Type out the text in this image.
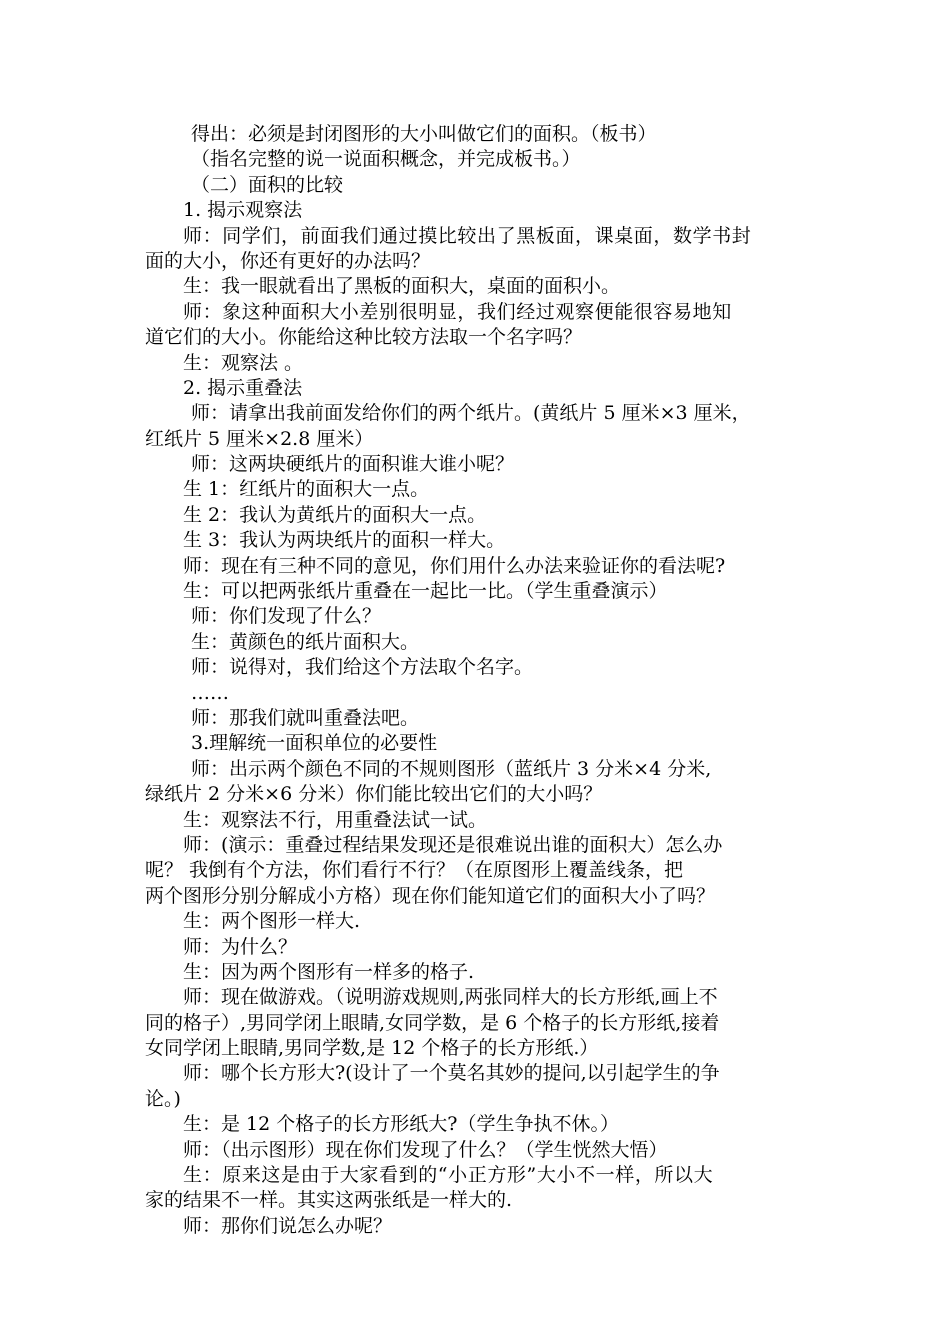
得出：必须是封闭图形的大小叫做它们的面积。（板书）
（指名完整的说一说面积概念，并完成板书。）
（二）面积的比较
1. 揭示观察法
师：同学们，前面我们通过摸比较出了黑板面，课桌面，数学书封
面的大小，你还有更好的办法吗？
生：我一眼就看出了黑板的面积大，桌面的面积小。
师：象这种面积大小差别很明显，我们经过观察便能很容易地知
道它们的大小。你能给这种比较方法取一个名字吗？
生：观察法 。
2. 揭示重叠法
师：请拿出我前面发给你们的两个纸片。(黄纸片 5 厘米×3 厘米，
红纸片 5 厘米×2.8 厘米）
师：这两块硬纸片的面积谁大谁小呢？
生 1：红纸片的面积大一点。
生 2：我认为黄纸片的面积大一点。
生 3：我认为两块纸片的面积一样大。
师：现在有三种不同的意见，你们用什么办法来验证你的看法呢?
生：可以把两张纸片重叠在一起比一比。（学生重叠演示）
师：你们发现了什么？
生：黄颜色的纸片面积大。
师：说得对，我们给这个方法取个名字。
……
师：那我们就叫重叠法吧。
3.理解统一面积单位的必要性
师：出示两个颜色不同的不规则图形（蓝纸片 3 分米×4 分米,
绿纸片 2 分米×6 分米）你们能比较出它们的大小吗？
生：观察法不行，用重叠法试一试。
师：(演示：重叠过程结果发现还是很难说出谁的面积大）怎么办
呢？ 我倒有个方法，你们看行不行？（在原图形上覆盖线条，把
两个图形分别分解成小方格）现在你们能知道它们的面积大小了吗？
生：两个图形一样大.
师：为什么？
生：因为两个图形有一样多的格子.
师：现在做游戏。（说明游戏规则,两张同样大的长方形纸,画上不
同的格子）,男同学闭上眼睛,女同学数，是 6 个格子的长方形纸,接着
女同学闭上眼睛,男同学数,是 12 个格子的长方形纸.）
师：哪个长方形大?(设计了一个莫名其妙的提问,以引起学生的争
论。)
生：是 12 个格子的长方形纸大?（学生争执不休。）
师：（出示图形）现在你们发现了什么？（学生恍然大悟）
生：原来这是由于大家看到的“小正方形”大小不一样，所以大
家的结果不一样。其实这两张纸是一样大的.
师：那你们说怎么办呢？
